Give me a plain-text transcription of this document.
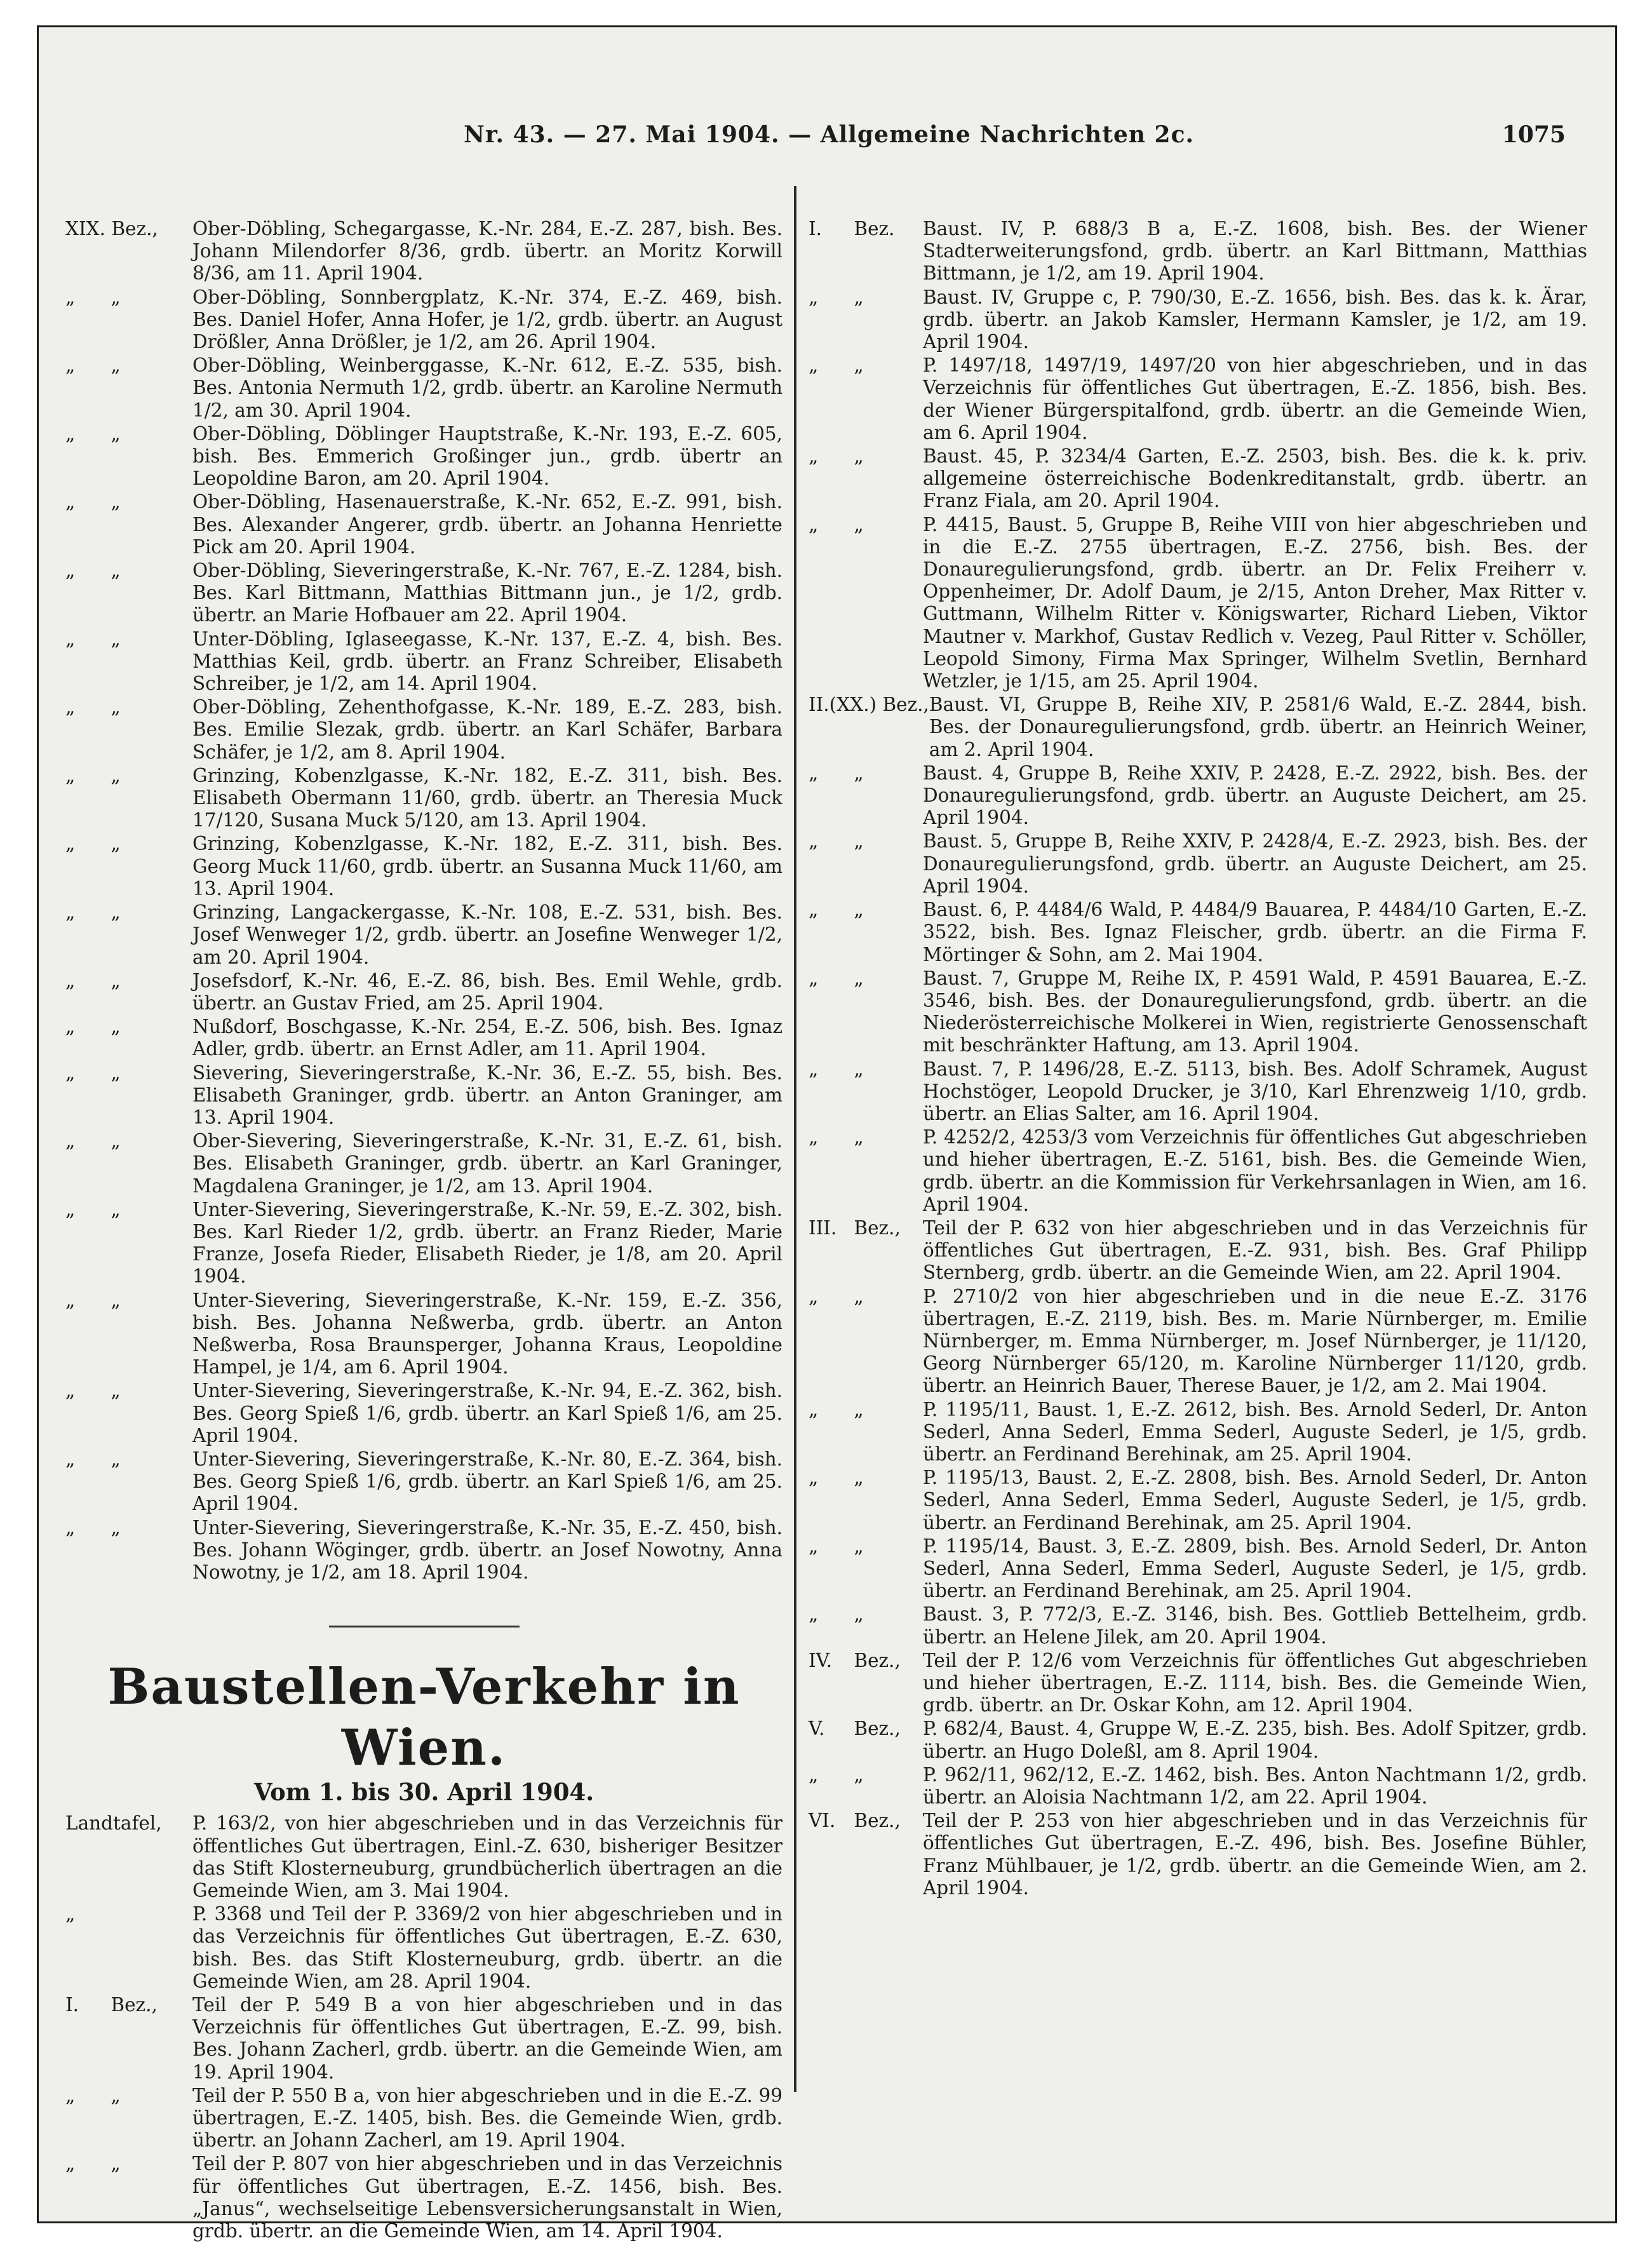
Nr. 43. — 27. Mai 1904. — Allgemeine Nachrichten 2c.	1075
XIX. Bez.,	Ober-Döbling, Schegargasse, K.-Nr. 284, E.-Z. 287, bish. Bes. Johann Milendorfer 8/36, grdb. übertr. an Moritz Korwill 8/36, am 11. April 1904.
„ „	Ober-Döbling, Sonnbergplatz, K.-Nr. 374, E.-Z. 469, bish. Bes. Daniel Hofer, Anna Hofer, je 1/2, grdb. übertr. an August Drößler, Anna Drößler, je 1/2, am 26. April 1904.
„ „	Ober-Döbling, Weinberggasse, K.-Nr. 612, E.-Z. 535, bish. Bes. Antonia Nermuth 1/2, grdb. übertr. an Karoline Nermuth 1/2, am 30. April 1904.
„ „	Ober-Döbling, Döblinger Hauptstraße, K.-Nr. 193, E.-Z. 605, bish. Bes. Emmerich Großinger jun., grdb. übertr an Leopoldine Baron, am 20. April 1904.
„ „	Ober-Döbling, Hasenauerstraße, K.-Nr. 652, E.-Z. 991, bish. Bes. Alexander Angerer, grdb. übertr. an Johanna Henriette Pick am 20. April 1904.
„ „	Ober-Döbling, Sieveringerstraße, K.-Nr. 767, E.-Z. 1284, bish. Bes. Karl Bittmann, Matthias Bittmann jun., je 1/2, grdb. übertr. an Marie Hofbauer am 22. April 1904.
„ „	Unter-Döbling, Iglaseegasse, K.-Nr. 137, E.-Z. 4, bish. Bes. Matthias Keil, grdb. übertr. an Franz Schreiber, Elisabeth Schreiber, je 1/2, am 14. April 1904.
„ „	Ober-Döbling, Zehenthofgasse, K.-Nr. 189, E.-Z. 283, bish. Bes. Emilie Slezak, grdb. übertr. an Karl Schäfer, Barbara Schäfer, je 1/2, am 8. April 1904.
„ „	Grinzing, Kobenzlgasse, K.-Nr. 182, E.-Z. 311, bish. Bes. Elisabeth Obermann 11/60, grdb. übertr. an Theresia Muck 17/120, Susana Muck 5/120, am 13. April 1904.
„ „	Grinzing, Kobenzlgasse, K.-Nr. 182, E.-Z. 311, bish. Bes. Georg Muck 11/60, grdb. übertr. an Susanna Muck 11/60, am 13. April 1904.
„ „	Grinzing, Langackergasse, K.-Nr. 108, E.-Z. 531, bish. Bes. Josef Wenweger 1/2, grdb. übertr. an Josefine Wenweger 1/2, am 20. April 1904.
„ „	Josefsdorf, K.-Nr. 46, E.-Z. 86, bish. Bes. Emil Wehle, grdb. übertr. an Gustav Fried, am 25. April 1904.
„ „	Nußdorf, Boschgasse, K.-Nr. 254, E.-Z. 506, bish. Bes. Ignaz Adler, grdb. übertr. an Ernst Adler, am 11. April 1904.
„ „	Sievering, Sieveringerstraße, K.-Nr. 36, E.-Z. 55, bish. Bes. Elisabeth Graninger, grdb. übertr. an Anton Graninger, am 13. April 1904.
„ „	Ober-Sievering, Sieveringerstraße, K.-Nr. 31, E.-Z. 61, bish. Bes. Elisabeth Graninger, grdb. übertr. an Karl Graninger, Magdalena Graninger, je 1/2, am 13. April 1904.
„ „	Unter-Sievering, Sieveringerstraße, K.-Nr. 59, E.-Z. 302, bish. Bes. Karl Rieder 1/2, grdb. übertr. an Franz Rieder, Marie Franze, Josefa Rieder, Elisabeth Rieder, je 1/8, am 20. April 1904.
„ „	Unter-Sievering, Sieveringerstraße, K.-Nr. 159, E.-Z. 356, bish. Bes. Johanna Neßwerba, grdb. übertr. an Anton Neßwerba, Rosa Braunsperger, Johanna Kraus, Leopoldine Hampel, je 1/4, am 6. April 1904.
„ „	Unter-Sievering, Sieveringerstraße, K.-Nr. 94, E.-Z. 362, bish. Bes. Georg Spieß 1/6, grdb. übertr. an Karl Spieß 1/6, am 25. April 1904.
„ „	Unter-Sievering, Sieveringerstraße, K.-Nr. 80, E.-Z. 364, bish. Bes. Georg Spieß 1/6, grdb. übertr. an Karl Spieß 1/6, am 25. April 1904.
„ „	Unter-Sievering, Sieveringerstraße, K.-Nr. 35, E.-Z. 450, bish. Bes. Johann Wöginger, grdb. übertr. an Josef Nowotny, Anna Nowotny, je 1/2, am 18. April 1904.
Baustellen-Verkehr in Wien.
Vom 1. bis 30. April 1904.
Landtafel,	P. 163/2, von hier abgeschrieben und in das Verzeichnis für öffentliches Gut übertragen, Einl.-Z. 630, bisheriger Besitzer das Stift Klosterneuburg, grundbücherlich übertragen an die Gemeinde Wien, am 3. Mai 1904.
„	P. 3368 und Teil der P. 3369/2 von hier abgeschrieben und in das Verzeichnis für öffentliches Gut übertragen, E.-Z. 630, bish. Bes. das Stift Klosterneuburg, grdb. übertr. an die Gemeinde Wien, am 28. April 1904.
I. Bez.,	Teil der P. 549 B a von hier abgeschrieben und in das Verzeichnis für öffentliches Gut übertragen, E.-Z. 99, bish. Bes. Johann Zacherl, grdb. übertr. an die Gemeinde Wien, am 19. April 1904.
„ „	Teil der P. 550 B a, von hier abgeschrieben und in die E.-Z. 99 übertragen, E.-Z. 1405, bish. Bes. die Gemeinde Wien, grdb. übertr. an Johann Zacherl, am 19. April 1904.
„ „	Teil der P. 807 von hier abgeschrieben und in das Verzeichnis für öffentliches Gut übertragen, E.-Z. 1456, bish. Bes. „Janus“, wechselseitige Lebensversicherungsanstalt in Wien, grdb. übertr. an die Gemeinde Wien, am 14. April 1904.
I. Bez.	Baust. IV, P. 688/3 B a, E.-Z. 1608, bish. Bes. der Wiener Stadterweiterungsfond, grdb. übertr. an Karl Bittmann, Matthias Bittmann, je 1/2, am 19. April 1904.
„ „	Baust. IV, Gruppe c, P. 790/30, E.-Z. 1656, bish. Bes. das k. k. Ärar, grdb. übertr. an Jakob Kamsler, Hermann Kamsler, je 1/2, am 19. April 1904.
„ „	P. 1497/18, 1497/19, 1497/20 von hier abgeschrieben, und in das Verzeichnis für öffentliches Gut übertragen, E.-Z. 1856, bish. Bes. der Wiener Bürgerspitalfond, grdb. übertr. an die Gemeinde Wien, am 6. April 1904.
„ „	Baust. 45, P. 3234/4 Garten, E.-Z. 2503, bish. Bes. die k. k. priv. allgemeine österreichische Bodenkreditanstalt, grdb. übertr. an Franz Fiala, am 20. April 1904.
„ „	P. 4415, Baust. 5, Gruppe B, Reihe VIII von hier abgeschrieben und in die E.-Z. 2755 übertragen, E.-Z. 2756, bish. Bes. der Donauregulierungsfond, grdb. übertr. an Dr. Felix Freiherr v. Oppenheimer, Dr. Adolf Daum, je 2/15, Anton Dreher, Max Ritter v. Guttmann, Wilhelm Ritter v. Königswarter, Richard Lieben, Viktor Mautner v. Markhof, Gustav Redlich v. Vezeg, Paul Ritter v. Schöller, Leopold Simony, Firma Max Springer, Wilhelm Svetlin, Bernhard Wetzler, je 1/15, am 25. April 1904.
II.(XX.) Bez., Baust. VI, Gruppe B, Reihe XIV, P. 2581/6 Wald, E.-Z. 2844, bish. Bes. der Donauregulierungsfond, grdb. übertr. an Heinrich Weiner, am 2. April 1904.
„ „	Baust. 4, Gruppe B, Reihe XXIV, P. 2428, E.-Z. 2922, bish. Bes. der Donauregulierungsfond, grdb. übertr. an Auguste Deichert, am 25. April 1904.
„ „	Baust. 5, Gruppe B, Reihe XXIV, P. 2428/4, E.-Z. 2923, bish. Bes. der Donauregulierungsfond, grdb. übertr. an Auguste Deichert, am 25. April 1904.
„ „	Baust. 6, P. 4484/6 Wald, P. 4484/9 Bauarea, P. 4484/10 Garten, E.-Z. 3522, bish. Bes. Ignaz Fleischer, grdb. übertr. an die Firma F. Mörtinger & Sohn, am 2. Mai 1904.
„ „	Baust. 7, Gruppe M, Reihe IX, P. 4591 Wald, P. 4591 Bauarea, E.-Z. 3546, bish. Bes. der Donauregulierungsfond, grdb. übertr. an die Niederösterreichische Molkerei in Wien, registrierte Genossenschaft mit beschränkter Haftung, am 13. April 1904.
„ „	Baust. 7, P. 1496/28, E.-Z. 5113, bish. Bes. Adolf Schramek, August Hochstöger, Leopold Drucker, je 3/10, Karl Ehrenzweig 1/10, grdb. übertr. an Elias Salter, am 16. April 1904.
„ „	P. 4252/2, 4253/3 vom Verzeichnis für öffentliches Gut abgeschrieben und hieher übertragen, E.-Z. 5161, bish. Bes. die Gemeinde Wien, grdb. übertr. an die Kommission für Verkehrsanlagen in Wien, am 16. April 1904.
III. Bez.,	Teil der P. 632 von hier abgeschrieben und in das Verzeichnis für öffentliches Gut übertragen, E.-Z. 931, bish. Bes. Graf Philipp Sternberg, grdb. übertr. an die Gemeinde Wien, am 22. April 1904.
„ „	P. 2710/2 von hier abgeschrieben und in die neue E.-Z. 3176 übertragen, E.-Z. 2119, bish. Bes. m. Marie Nürnberger, m. Emilie Nürnberger, m. Emma Nürnberger, m. Josef Nürnberger, je 11/120, Georg Nürnberger 65/120, m. Karoline Nürnberger 11/120, grdb. übertr. an Heinrich Bauer, Therese Bauer, je 1/2, am 2. Mai 1904.
„ „	P. 1195/11, Baust. 1, E.-Z. 2612, bish. Bes. Arnold Sederl, Dr. Anton Sederl, Anna Sederl, Emma Sederl, Auguste Sederl, je 1/5, grdb. übertr. an Ferdinand Berehinak, am 25. April 1904.
„ „	P. 1195/13, Baust. 2, E.-Z. 2808, bish. Bes. Arnold Sederl, Dr. Anton Sederl, Anna Sederl, Emma Sederl, Auguste Sederl, je 1/5, grdb. übertr. an Ferdinand Berehinak, am 25. April 1904.
„ „	P. 1195/14, Baust. 3, E.-Z. 2809, bish. Bes. Arnold Sederl, Dr. Anton Sederl, Anna Sederl, Emma Sederl, Auguste Sederl, je 1/5, grdb. übertr. an Ferdinand Berehinak, am 25. April 1904.
„ „	Baust. 3, P. 772/3, E.-Z. 3146, bish. Bes. Gottlieb Bettelheim, grdb. übertr. an Helene Jilek, am 20. April 1904.
IV. Bez.,	Teil der P. 12/6 vom Verzeichnis für öffentliches Gut abgeschrieben und hieher übertragen, E.-Z. 1114, bish. Bes. die Gemeinde Wien, grdb. übertr. an Dr. Oskar Kohn, am 12. April 1904.
V. Bez.,	P. 682/4, Baust. 4, Gruppe W, E.-Z. 235, bish. Bes. Adolf Spitzer, grdb. übertr. an Hugo Doleßl, am 8. April 1904.
„ „	P. 962/11, 962/12, E.-Z. 1462, bish. Bes. Anton Nachtmann 1/2, grdb. übertr. an Aloisia Nachtmann 1/2, am 22. April 1904.
VI. Bez.,	Teil der P. 253 von hier abgeschrieben und in das Verzeichnis für öffentliches Gut übertragen, E.-Z. 496, bish. Bes. Josefine Bühler, Franz Mühlbauer, je 1/2, grdb. übertr. an die Gemeinde Wien, am 2. April 1904.
